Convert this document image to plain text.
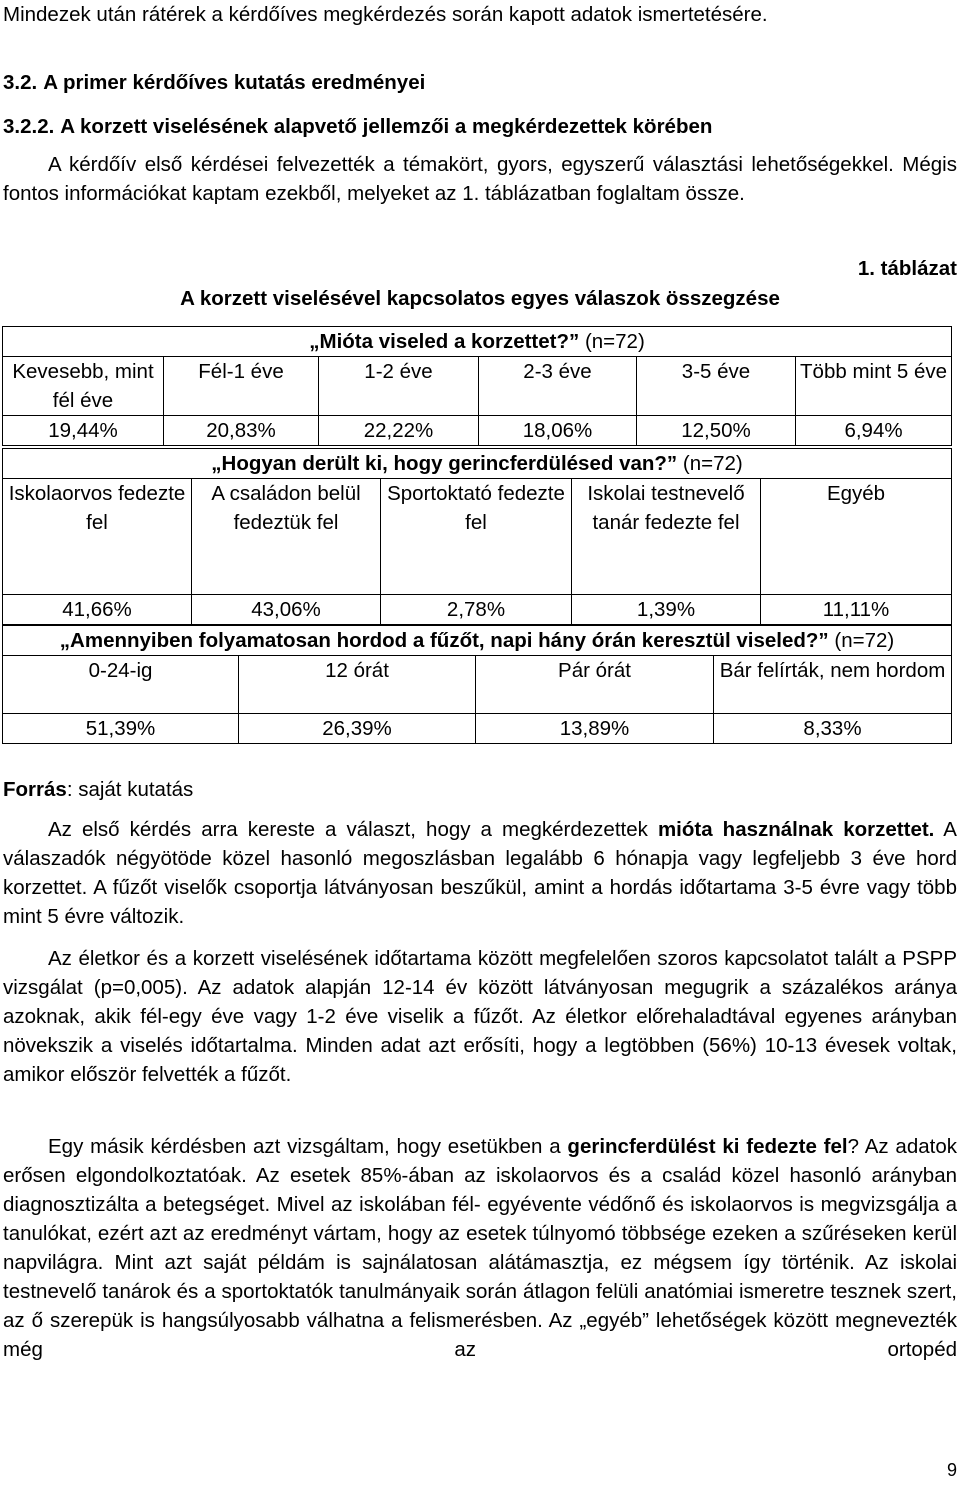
Mindezek után rátérek a kérdőíves megkérdezés során kapott adatok ismertetésére.

3.2. A primer kérdőíves kutatás eredményei
3.2.2. A korzett viselésének alapvető jellemzői a megkérdezettek körében

A kérdőív első kérdései felvezették a témakört, gyors, egyszerű választási lehetőségekkel. Mégis fontos információkat kaptam ezekből, melyeket az 1. táblázatban foglaltam össze.

1. táblázat
A korzett viselésével kapcsolatos egyes válaszok összegzése
„Mióta viseled a korzettet?” (n=72)					
Kevesebb, mint fél éve	Fél-1 éve	1-2 éve	2-3 éve	3-5 éve	Több mint 5 éve
19,44%	20,83%	22,22%	18,06%	12,50%	6,94%
„Hogyan derült ki, hogy gerincferdülésed van?” (n=72)				
Iskolaorvos fedezte fel	A családon belül fedeztük fel	Sportoktató fedezte fel	Iskolai testnevelő tanár fedezte fel	Egyéb
41,66%	43,06%	2,78%	1,39%	11,11%
„Amennyiben folyamatosan hordod a fűzőt, napi hány órán keresztül viseled?” (n=72)			
0-24-ig	12 órát	Pár órát	Bár felírták, nem hordom
51,39%	26,39%	13,89%	8,33%
Forrás: saját kutatás

Az első kérdés arra kereste a választ, hogy a megkérdezettek mióta használnak korzettet. A válaszadók négyötöde közel hasonló megoszlásban legalább 6 hónapja vagy legfeljebb 3 éve hord korzettet. A fűzőt viselők csoportja látványosan beszűkül, amint a hordás időtartama 3-5 évre vagy több mint 5 évre változik.

Az életkor és a korzett viselésének időtartama között megfelelően szoros kapcsolatot talált a PSPP vizsgálat (p=0,005). Az adatok alapján 12-14 év között látványosan megugrik a százalékos aránya azoknak, akik fél-egy éve vagy 1-2 éve viselik a fűzőt. Az életkor előrehaladtával egyenes arányban növekszik a viselés időtartalma. Minden adat azt erősíti, hogy a legtöbben (56%) 10-13 évesek voltak, amikor először felvették a fűzőt.

Egy másik kérdésben azt vizsgáltam, hogy esetükben a gerincferdülést ki fedezte fel? Az adatok erősen elgondolkoztatóak. Az esetek 85%-ában az iskolaorvos és a család közel hasonló arányban diagnosztizálta a betegséget. Mivel az iskolában fél- egyévente védőnő és iskolaorvos is megvizsgálja a tanulókat, ezért azt az eredményt vártam, hogy az esetek túlnyomó többsége ezeken a szűréseken kerül napvilágra. Mint azt saját példám is sajnálatosan alátámasztja, ez mégsem így történik. Az iskolai testnevelő tanárok és a sportoktatók tanulmányaik során átlagon felüli anatómiai ismeretre tesznek szert, az ő szerepük is hangsúlyosabb válhatna a felismerésben. Az „egyéb” lehetőségek között megnevezték még az ortopéd

9
